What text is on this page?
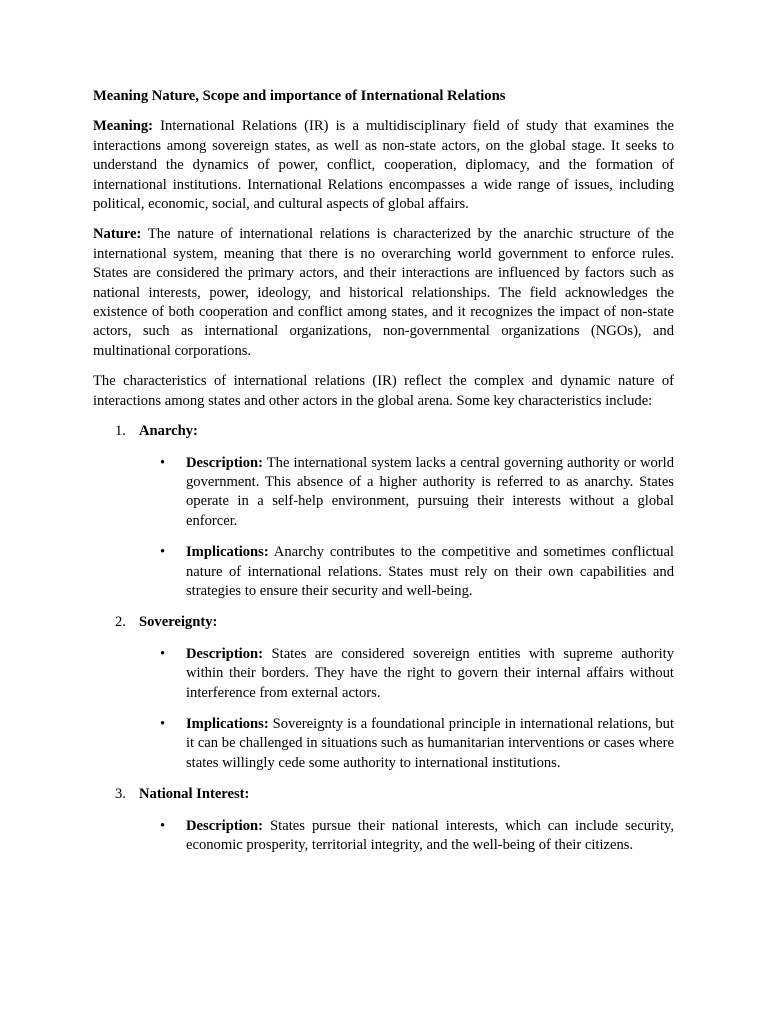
Meaning Nature, Scope and importance of International Relations

Meaning: International Relations (IR) is a multidisciplinary field of study that examines the interactions among sovereign states, as well as non-state actors, on the global stage. It seeks to understand the dynamics of power, conflict, cooperation, diplomacy, and the formation of international institutions. International Relations encompasses a wide range of issues, including political, economic, social, and cultural aspects of global affairs.

Nature: The nature of international relations is characterized by the anarchic structure of the international system, meaning that there is no overarching world government to enforce rules. States are considered the primary actors, and their interactions are influenced by factors such as national interests, power, ideology, and historical relationships. The field acknowledges the existence of both cooperation and conflict among states, and it recognizes the impact of non-state actors, such as international organizations, non-governmental organizations (NGOs), and multinational corporations.

The characteristics of international relations (IR) reflect the complex and dynamic nature of interactions among states and other actors in the global arena. Some key characteristics include:

1. Anarchy:
• Description: The international system lacks a central governing authority or world government. This absence of a higher authority is referred to as anarchy. States operate in a self-help environment, pursuing their interests without a global enforcer.
• Implications: Anarchy contributes to the competitive and sometimes conflictual nature of international relations. States must rely on their own capabilities and strategies to ensure their security and well-being.
2. Sovereignty:
• Description: States are considered sovereign entities with supreme authority within their borders. They have the right to govern their internal affairs without interference from external actors.
• Implications: Sovereignty is a foundational principle in international relations, but it can be challenged in situations such as humanitarian interventions or cases where states willingly cede some authority to international institutions.
3. National Interest:
• Description: States pursue their national interests, which can include security, economic prosperity, territorial integrity, and the well-being of their citizens.
